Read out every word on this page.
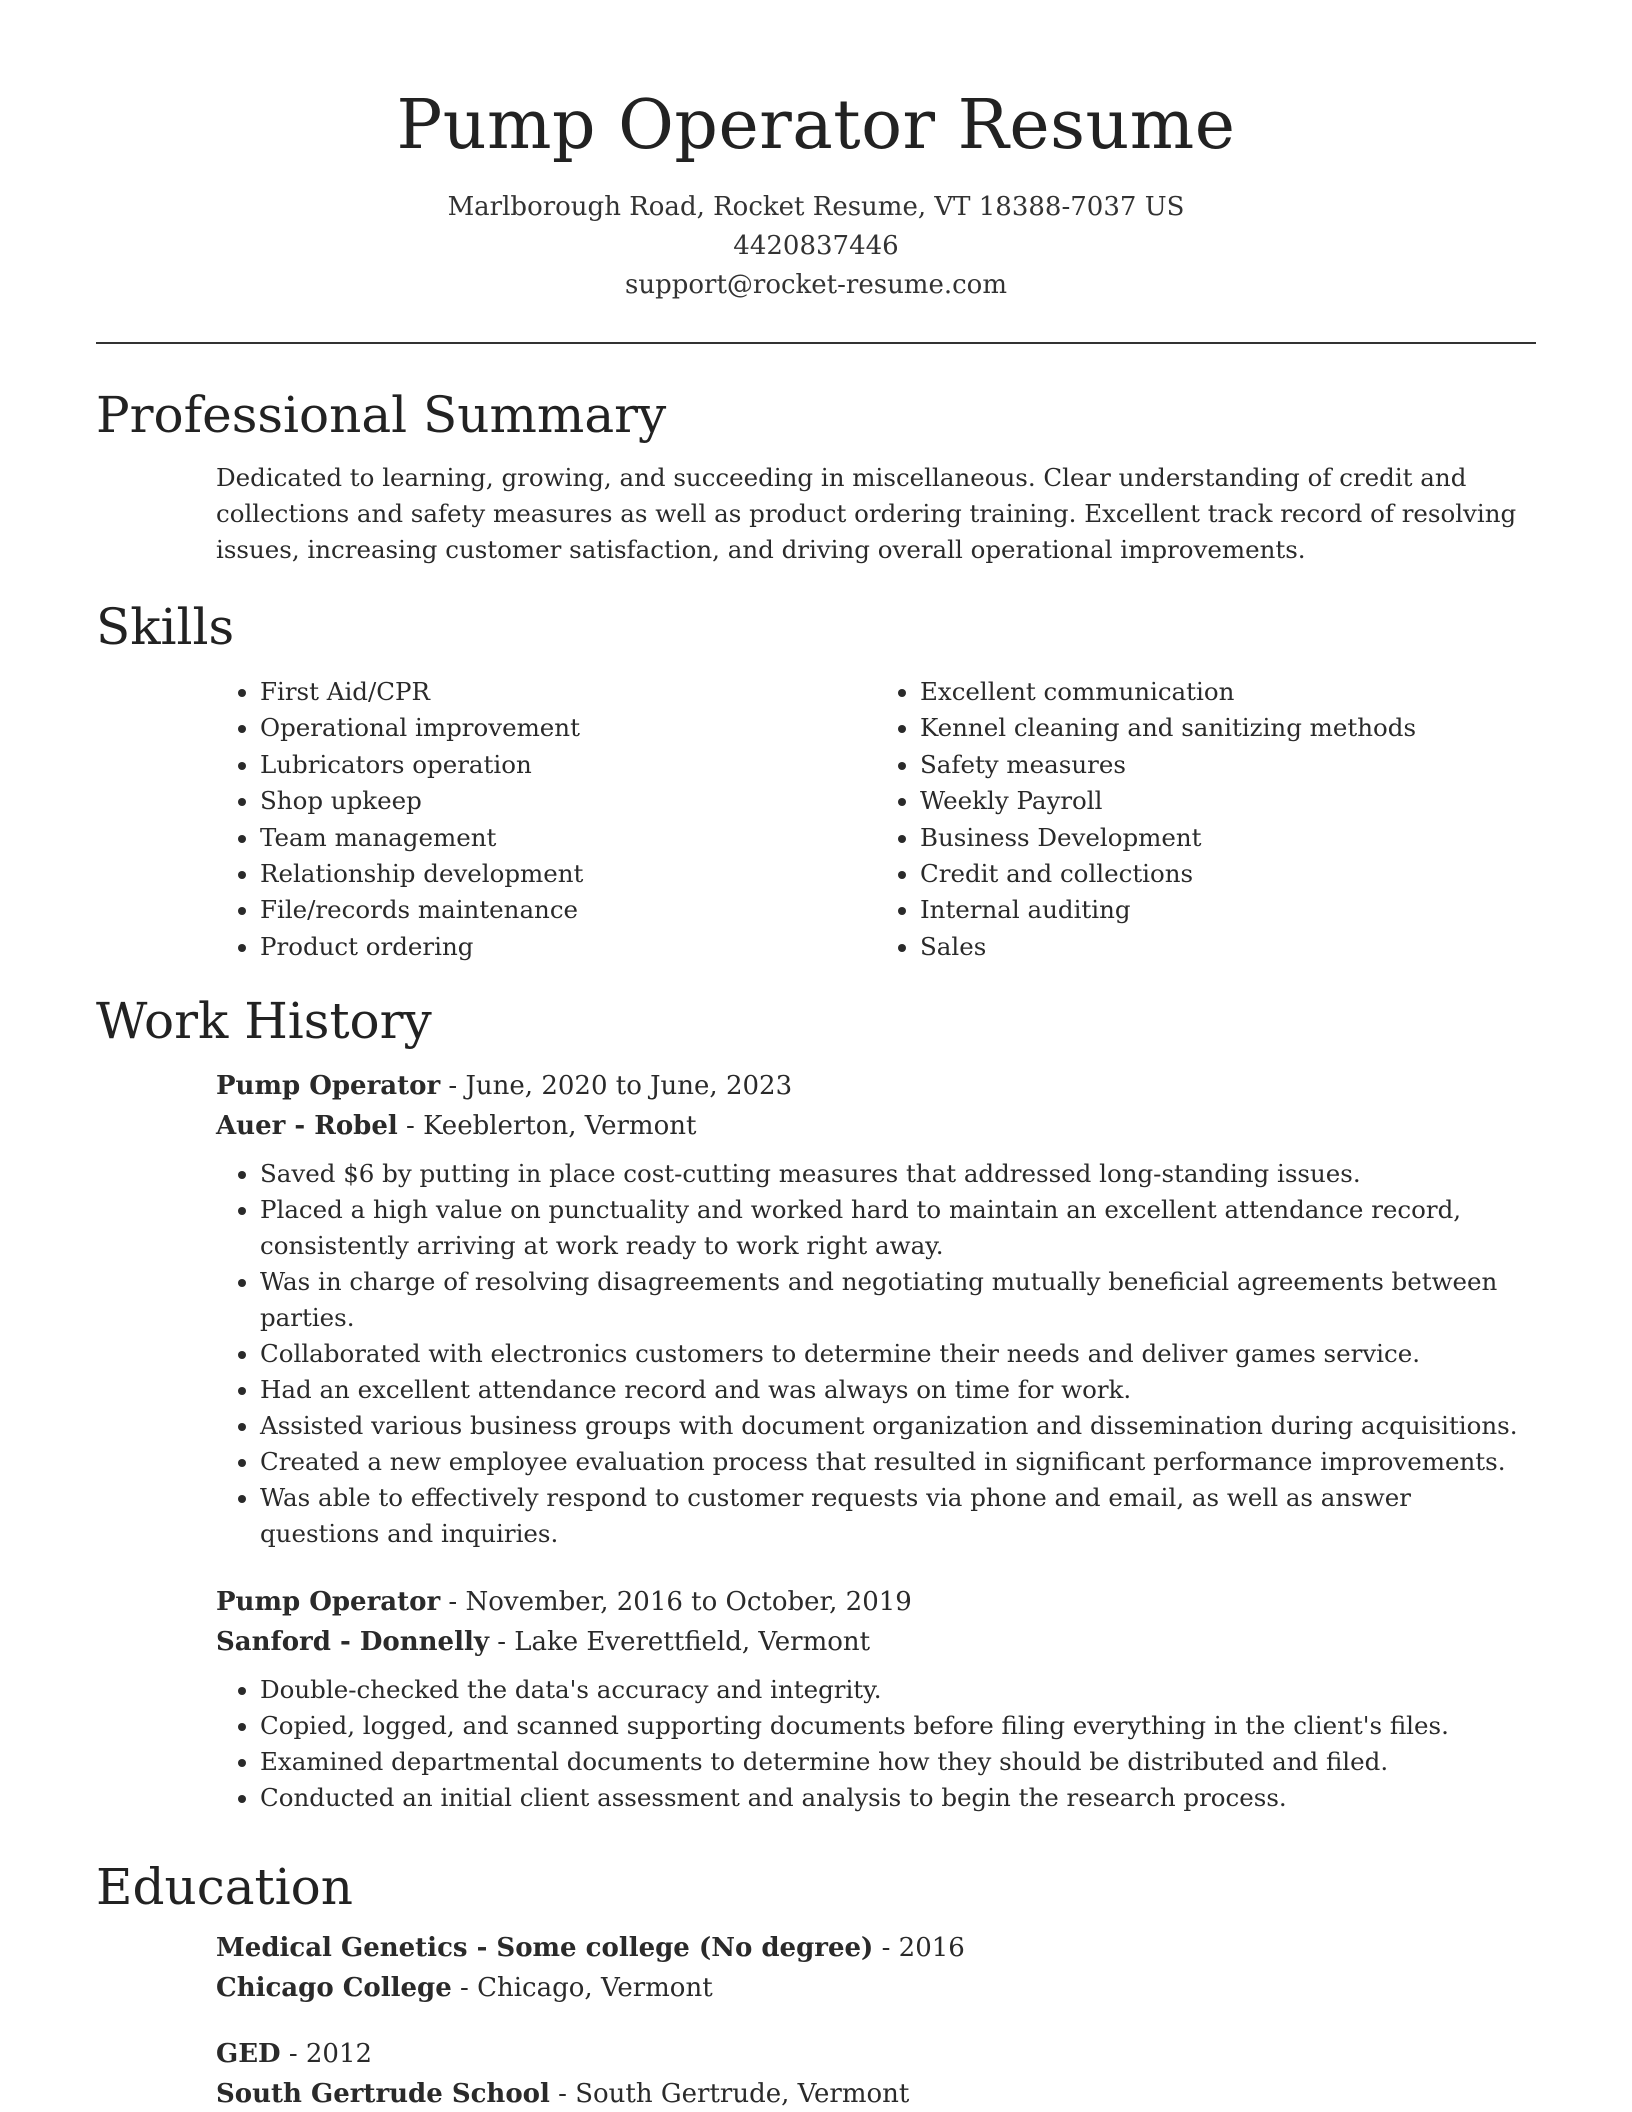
Pump Operator Resume
Marlborough Road, Rocket Resume, VT 18388-7037 US
4420837446
support@rocket-resume.com
Professional Summary
Dedicated to learning, growing, and succeeding in miscellaneous. Clear understanding of credit and collections and safety measures as well as product ordering training. Excellent track record of resolving issues, increasing customer satisfaction, and driving overall operational improvements.
Skills
• First Aid/CPR
• Operational improvement
• Lubricators operation
• Shop upkeep
• Team management
• Relationship development
• File/records maintenance
• Product ordering
• Excellent communication
• Kennel cleaning and sanitizing methods
• Safety measures
• Weekly Payroll
• Business Development
• Credit and collections
• Internal auditing
• Sales
Work History
Pump Operator - June, 2020 to June, 2023
Auer - Robel - Keeblerton, Vermont
• Saved $6 by putting in place cost-cutting measures that addressed long-standing issues.
• Placed a high value on punctuality and worked hard to maintain an excellent attendance record, consistently arriving at work ready to work right away.
• Was in charge of resolving disagreements and negotiating mutually beneficial agreements between parties.
• Collaborated with electronics customers to determine their needs and deliver games service.
• Had an excellent attendance record and was always on time for work.
• Assisted various business groups with document organization and dissemination during acquisitions.
• Created a new employee evaluation process that resulted in significant performance improvements.
• Was able to effectively respond to customer requests via phone and email, as well as answer questions and inquiries.
Pump Operator - November, 2016 to October, 2019
Sanford - Donnelly - Lake Everettfield, Vermont
• Double-checked the data's accuracy and integrity.
• Copied, logged, and scanned supporting documents before filing everything in the client's files.
• Examined departmental documents to determine how they should be distributed and filed.
• Conducted an initial client assessment and analysis to begin the research process.
Education
Medical Genetics - Some college (No degree) - 2016
Chicago College - Chicago, Vermont
GED - 2012
South Gertrude School - South Gertrude, Vermont
